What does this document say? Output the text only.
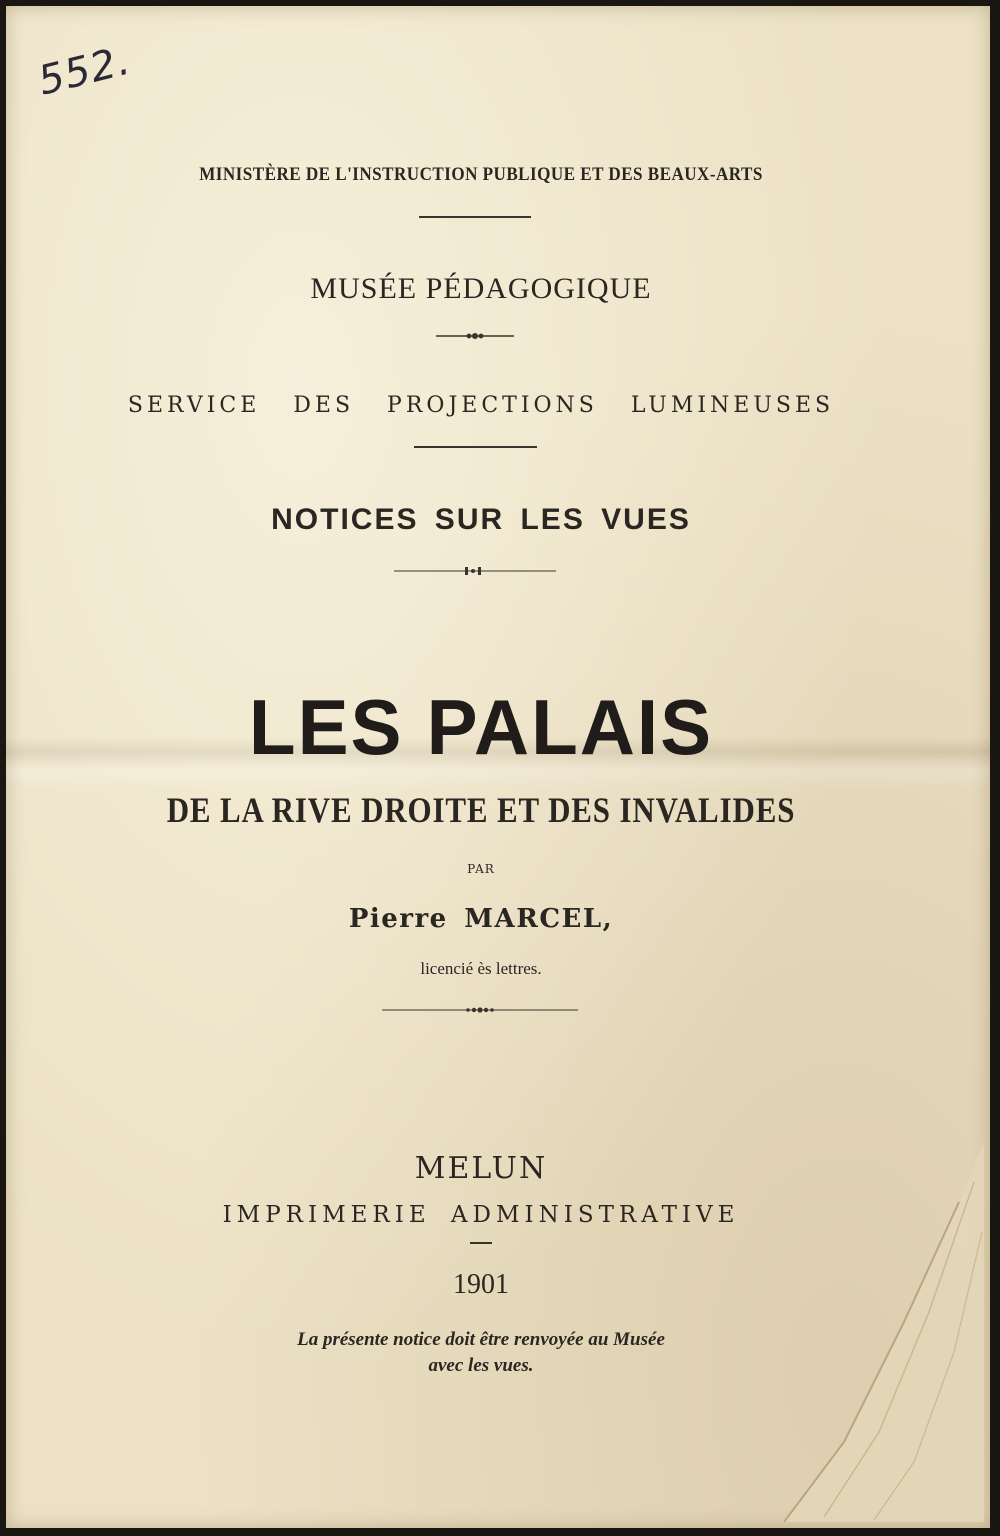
552.
MINISTÈRE DE L'INSTRUCTION PUBLIQUE ET DES BEAUX-ARTS
MUSÉE PÉDAGOGIQUE
SERVICE DES PROJECTIONS LUMINEUSES
NOTICES SUR LES VUES
LES PALAIS
DE LA RIVE DROITE ET DES INVALIDES
PAR
Pierre MARCEL,
licencié ès lettres.
MELUN
IMPRIMERIE ADMINISTRATIVE
1901
La présente notice doit être renvoyée au Musée
avec les vues.
